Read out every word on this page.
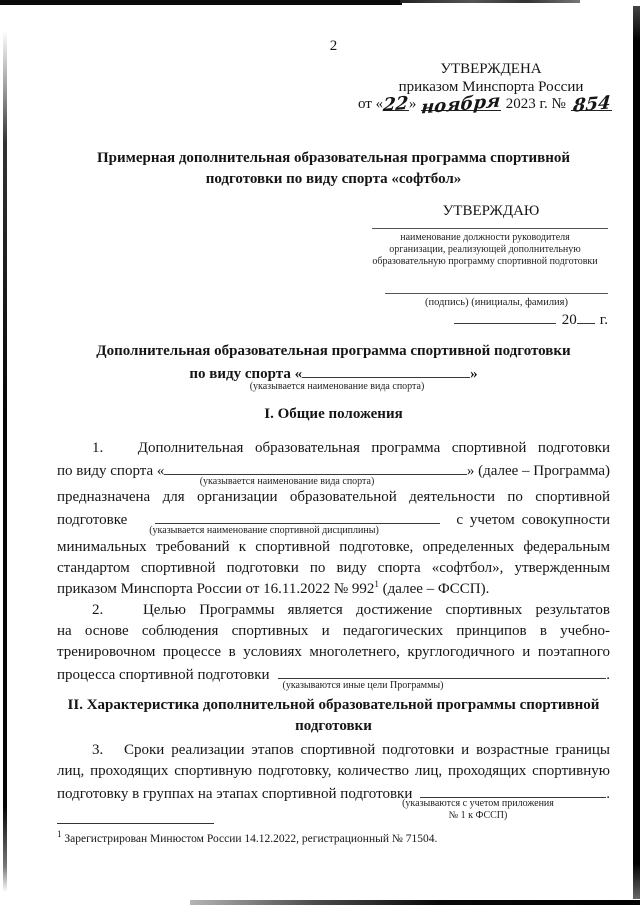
2
УТВЕРЖДЕНА
приказом Минспорта России
от « 22 » ноября 2023 г. № 854
Примерная дополнительная образовательная программа спортивной
подготовки по виду спорта «софтбол»
УТВЕРЖДАЮ
наименование должности руководителя
организации, реализующей дополнительную
образовательную программу спортивной подготовки
(подпись) (инициалы, фамилия)
20 г.
Дополнительная образовательная программа спортивной подготовки
по виду спорта «	»
(указывается наименование вида спорта)
I. Общие положения
1.   Дополнительная образовательная программа спортивной подготовки
по виду спорта «	» (далее – Программа)
(указывается наименование вида спорта)
предназначена для организации образовательной деятельности по спортивной
подготовке	с учетом совокупности
(указывается наименование спортивной дисциплины)
минимальных требований к спортивной подготовке, определенных федеральным
стандартом спортивной подготовки по виду спорта «софтбол», утвержденным
приказом Минспорта России от 16.11.2022 № $992^1$ (далее – ФССП).
2.   Целью Программы является достижение спортивных результатов
на основе соблюдения спортивных и педагогических принципов в учебно-
тренировочном процессе в условиях многолетнего, круглогодичного и поэтапного
процесса спортивной подготовки	.
(указываются иные цели Программы)
II. Характеристика дополнительной образовательной программы спортивной
подготовки
3.   Сроки реализации этапов спортивной подготовки и возрастные границы
лиц, проходящих спортивную подготовку, количество лиц, проходящих спортивную
подготовку в группах на этапах спортивной подготовки	.
(указываются с учетом приложения
№ 1 к ФССП)
$^1$ Зарегистрирован Минюстом России 14.12.2022, регистрационный № 71504.
